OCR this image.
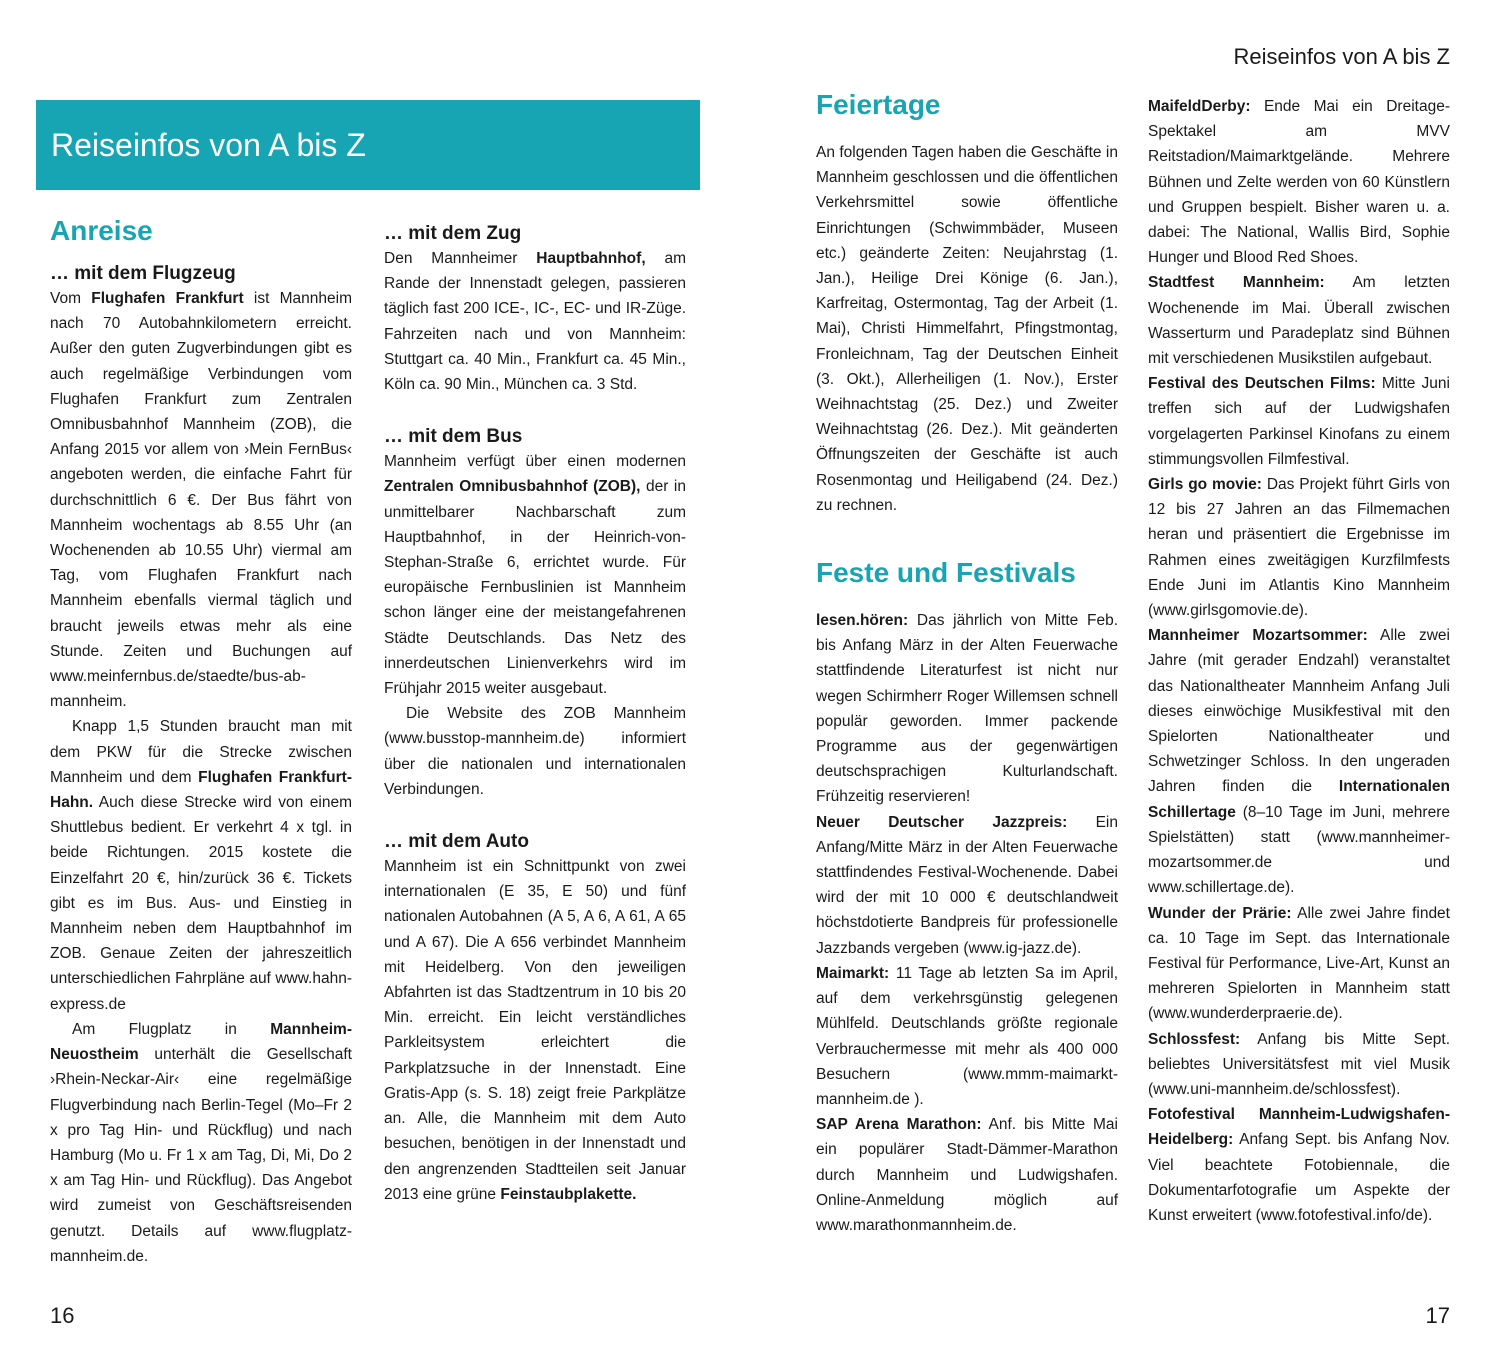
Reiseinfos von A bis Z
Anreise
… mit dem Flugzeug

Vom Flughafen Frankfurt ist Mannheim nach 70 Autobahnkilometern erreicht. Außer den guten Zugverbindungen gibt es auch regelmäßige Verbindungen vom Flughafen Frankfurt zum Zentralen Omnibusbahnhof Mannheim (ZOB), die Anfang 2015 vor allem von ›Mein FernBus‹ angeboten werden, die einfache Fahrt für durchschnittlich 6 €. Der Bus fährt von Mannheim wochentags ab 8.55 Uhr (an Wochenenden ab 10.55 Uhr) viermal am Tag, vom Flughafen Frankfurt nach Mannheim ebenfalls viermal täglich und braucht jeweils etwas mehr als eine Stunde. Zeiten und Buchungen auf www.meinfernbus.de/staedte/bus-ab-mannheim.

Knapp 1,5 Stunden braucht man mit dem PKW für die Strecke zwischen Mannheim und dem Flughafen Frankfurt-Hahn. Auch diese Strecke wird von einem Shuttlebus bedient. Er verkehrt 4 x tgl. in beide Richtungen. 2015 kostete die Einzelfahrt 20 €, hin/zurück 36 €. Tickets gibt es im Bus. Aus- und Einstieg in Mannheim neben dem Hauptbahnhof im ZOB. Genaue Zeiten der jahreszeitlich unterschiedlichen Fahrpläne auf www.hahn-express.de

Am Flugplatz in Mannheim-Neuostheim unterhält die Gesellschaft ›Rhein-Neckar-Air‹ eine regelmäßige Flugverbindung nach Berlin-Tegel (Mo–Fr 2 x pro Tag Hin- und Rückflug) und nach Hamburg (Mo u. Fr 1 x am Tag, Di, Mi, Do 2 x am Tag Hin- und Rückflug). Das Angebot wird zumeist von Geschäftsreisenden genutzt. Details auf www.flugplatz-mannheim.de.

… mit dem Zug

Den Mannheimer Hauptbahnhof, am Rande der Innenstadt gelegen, passieren täglich fast 200 ICE-, IC-, EC- und IR-Züge. Fahrzeiten nach und von Mannheim: Stuttgart ca. 40 Min., Frankfurt ca. 45 Min., Köln ca. 90 Min., München ca. 3 Std.

… mit dem Bus

Mannheim verfügt über einen modernen Zentralen Omnibusbahnhof (ZOB), der in unmittelbarer Nachbarschaft zum Hauptbahnhof, in der Heinrich-von-Stephan-Straße 6, errichtet wurde. Für europäische Fernbuslinien ist Mannheim schon länger eine der meistangefahrenen Städte Deutschlands. Das Netz des innerdeutschen Linienverkehrs wird im Frühjahr 2015 weiter ausgebaut.

Die Website des ZOB Mannheim (www.busstop-mannheim.de) informiert über die nationalen und internationalen Verbindungen.

… mit dem Auto

Mannheim ist ein Schnittpunkt von zwei internationalen (E 35, E 50) und fünf nationalen Autobahnen (A 5, A 6, A 61, A 65 und A 67). Die A 656 verbindet Mannheim mit Heidelberg. Von den jeweiligen Abfahrten ist das Stadtzentrum in 10 bis 20 Min. erreicht. Ein leicht verständliches Parkleitsystem erleichtert die Parkplatzsuche in der Innenstadt. Eine Gratis-App (s. S. 18) zeigt freie Parkplätze an. Alle, die Mannheim mit dem Auto besuchen, benötigen in der Innenstadt und den angrenzenden Stadtteilen seit Januar 2013 eine grüne Feinstaubplakette.

16
Reiseinfos von A bis Z
Feiertage

An folgenden Tagen haben die Geschäfte in Mannheim geschlossen und die öffentlichen Verkehrsmittel sowie öffentliche Einrichtungen (Schwimmbäder, Museen etc.) geänderte Zeiten: Neujahrstag (1. Jan.), Heilige Drei Könige (6. Jan.), Karfreitag, Ostermontag, Tag der Arbeit (1. Mai), Christi Himmelfahrt, Pfingstmontag, Fronleichnam, Tag der Deutschen Einheit (3. Okt.), Allerheiligen (1. Nov.), Erster Weihnachtstag (25. Dez.) und Zweiter Weihnachtstag (26. Dez.). Mit geänderten Öffnungszeiten der Geschäfte ist auch Rosenmontag und Heiligabend (24. Dez.) zu rechnen.

Feste und Festivals

lesen.hören: Das jährlich von Mitte Feb. bis Anfang März in der Alten Feuerwache stattfindende Literaturfest ist nicht nur wegen Schirmherr Roger Willemsen schnell populär geworden. Immer packende Programme aus der gegenwärtigen deutschsprachigen Kulturlandschaft. Frühzeitig reservieren!

Neuer Deutscher Jazzpreis: Ein Anfang/Mitte März in der Alten Feuerwache stattfindendes Festival-Wochenende. Dabei wird der mit 10 000 € deutschlandweit höchstdotierte Bandpreis für professionelle Jazzbands vergeben (www.ig-jazz.de).

Maimarkt: 11 Tage ab letzten Sa im April, auf dem verkehrsgünstig gelegenen Mühlfeld. Deutschlands größte regionale Verbrauchermesse mit mehr als 400 000 Besuchern (www.mmm-maimarkt-mannheim.de ).

SAP Arena Marathon: Anf. bis Mitte Mai ein populärer Stadt-Dämmer-Marathon durch Mannheim und Ludwigshafen. Online-Anmeldung möglich auf www.marathonmannheim.de.

MaifeldDerby: Ende Mai ein Dreitage-Spektakel am MVV Reitstadion/Maimarktgelände. Mehrere Bühnen und Zelte werden von 60 Künstlern und Gruppen bespielt. Bisher waren u. a. dabei: The National, Wallis Bird, Sophie Hunger und Blood Red Shoes.

Stadtfest Mannheim: Am letzten Wochenende im Mai. Überall zwischen Wasserturm und Paradeplatz sind Bühnen mit verschiedenen Musikstilen aufgebaut.

Festival des Deutschen Films: Mitte Juni treffen sich auf der Ludwigshafen vorgelagerten Parkinsel Kinofans zu einem stimmungsvollen Filmfestival.

Girls go movie: Das Projekt führt Girls von 12 bis 27 Jahren an das Filmemachen heran und präsentiert die Ergebnisse im Rahmen eines zweitägigen Kurzfilmfests Ende Juni im Atlantis Kino Mannheim (www.girlsgomovie.de).

Mannheimer Mozartsommer: Alle zwei Jahre (mit gerader Endzahl) veranstaltet das Nationaltheater Mannheim Anfang Juli dieses einwöchige Musikfestival mit den Spielorten Nationaltheater und Schwetzinger Schloss. In den ungeraden Jahren finden die Internationalen Schillertage (8–10 Tage im Juni, mehrere Spielstätten) statt (www.mannheimer-mozartsommer.de und www.schillertage.de).

Wunder der Prärie: Alle zwei Jahre findet ca. 10 Tage im Sept. das Internationale Festival für Performance, Live-Art, Kunst an mehreren Spielorten in Mannheim statt (www.wunderderpraerie.de).

Schlossfest: Anfang bis Mitte Sept. beliebtes Universitätsfest mit viel Musik (www.uni-mannheim.de/schlossfest).

Fotofestival Mannheim-Ludwigshafen-Heidelberg: Anfang Sept. bis Anfang Nov. Viel beachtete Fotobiennale, die Dokumentarfotografie um Aspekte der Kunst erweitert (www.fotofestival.info/de).

17
